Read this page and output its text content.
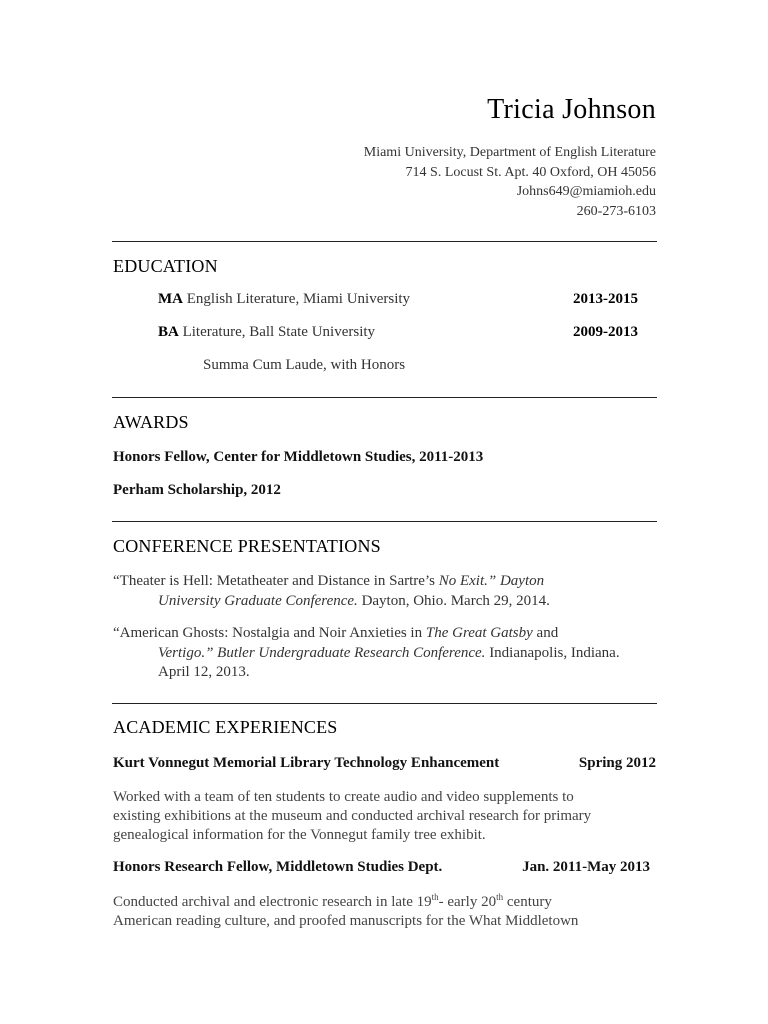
Tricia Johnson
Miami University, Department of English Literature
714 S. Locust St. Apt. 40 Oxford, OH 45056
Johns649@miamioh.edu
260-273-6103
EDUCATION
MA English Literature, Miami University	2013-2015
BA Literature, Ball State University	2009-2013
Summa Cum Laude, with Honors
AWARDS
Honors Fellow, Center for Middletown Studies, 2011-2013
Perham Scholarship, 2012
CONFERENCE PRESENTATIONS
“Theater is Hell: Metatheater and Distance in Sartre’s No Exit.” Dayton
University Graduate Conference. Dayton, Ohio. March 29, 2014.
“American Ghosts: Nostalgia and Noir Anxieties in The Great Gatsby and
Vertigo.” Butler Undergraduate Research Conference. Indianapolis, Indiana.
April 12, 2013.
ACADEMIC EXPERIENCES
Kurt Vonnegut Memorial Library Technology Enhancement	Spring 2012
Worked with a team of ten students to create audio and video supplements to
existing exhibitions at the museum and conducted archival research for primary
genealogical information for the Vonnegut family tree exhibit.
Honors Research Fellow, Middletown Studies Dept.	Jan. 2011-May 2013
Conducted archival and electronic research in late 19th- early 20th century
American reading culture, and proofed manuscripts for the What Middletown
